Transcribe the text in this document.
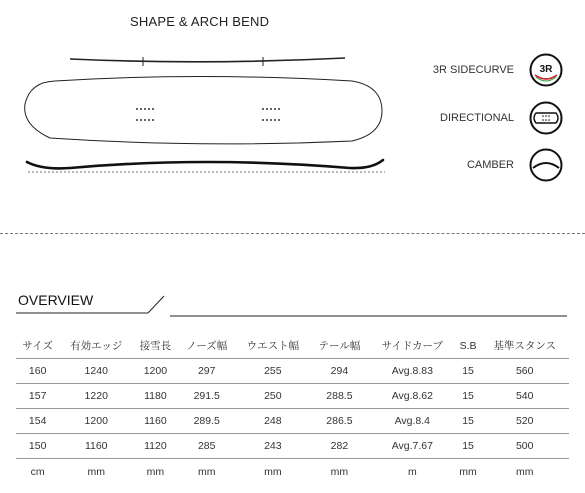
SHAPE & ARCH BEND
3R SIDECURVE
DIRECTIONAL
CAMBER
3R
OVERVIEW
サイズ	有効エッジ	接雪長	ノーズ幅	ウエスト幅	テール幅	サイドカーブ	S.B	基準スタンス
160	1240	1200	297	255	294	Avg.8.83	15	560
157	1220	1180	291.5	250	288.5	Avg.8.62	15	540
154	1200	1160	289.5	248	286.5	Avg.8.4	15	520
150	1160	1120	285	243	282	Avg.7.67	15	500
cm	mm	mm	mm	mm	mm	m	mm	mm
